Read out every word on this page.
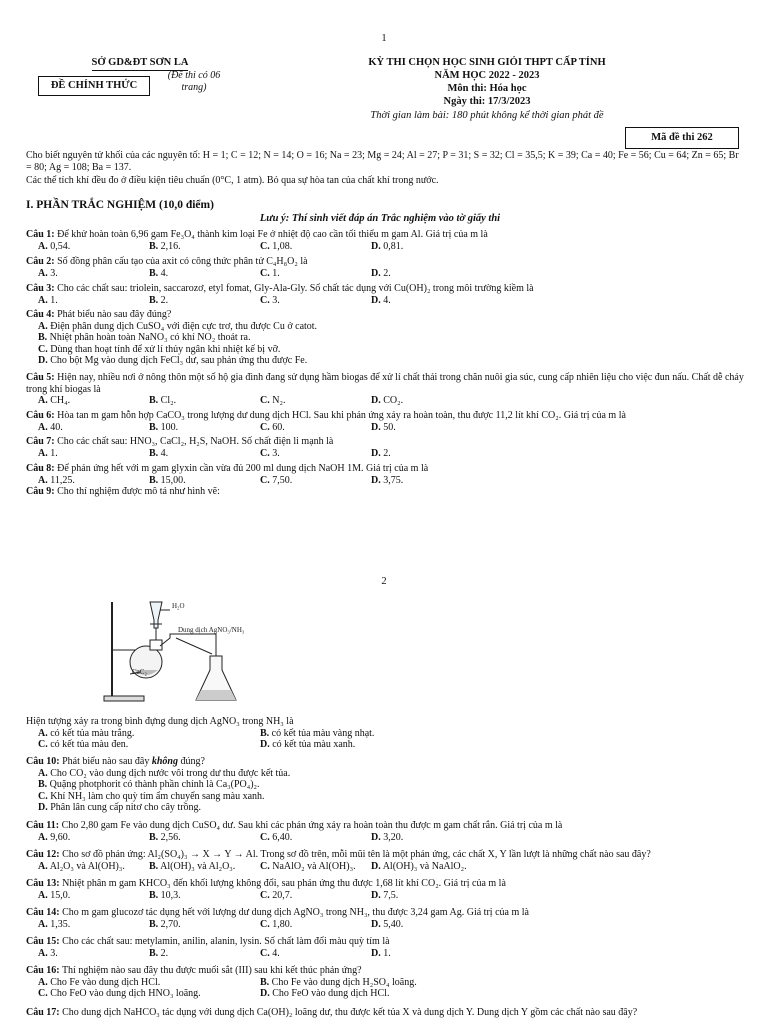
1
SỞ GD&ĐT SƠN LA
ĐỀ CHÍNH THỨC
(Đề thi có 06 trang)
KỲ THI CHỌN HỌC SINH GIỎI THPT CẤP TỈNH
NĂM HỌC 2022 - 2023
Môn thi: Hóa học
Ngày thi: 17/3/2023
Thời gian làm bài: 180 phút không kể thời gian phát đề
Mã đề thi 262
Cho biết nguyên tử khối của các nguyên tố: H = 1; C = 12; N = 14; O = 16; Na = 23; Mg = 24; Al = 27; P = 31; S = 32; Cl = 35,5; K = 39; Ca = 40; Fe = 56; Cu = 64; Zn = 65; Br = 80; Ag = 108; Ba = 137.
Các thể tích khí đều đo ở điều kiện tiêu chuẩn (0°C, 1 atm). Bỏ qua sự hòa tan của chất khí trong nước.
I. PHẦN TRẮC NGHIỆM (10,0 điểm)
Lưu ý: Thí sinh viết đáp án Trắc nghiệm vào tờ giấy thi
Câu 1: Để khử hoàn toàn 6,96 gam Fe₃O₄ thành kim loại Fe ở nhiệt độ cao cần tối thiểu m gam Al. Giá trị của m là
A. 0,54.	B. 2,16.	C. 1,08.	D. 0,81.
Câu 2: Số đồng phân cấu tạo của axit có công thức phân tử C₄H₈O₂ là
A. 3.	B. 4.	C. 1.	D. 2.
Câu 3: Cho các chất sau: triolein, saccarozơ, etyl fomat, Gly-Ala-Gly. Số chất tác dụng với Cu(OH)₂ trong môi trường kiềm là
A. 1.	B. 2.	C. 3.	D. 4.
Câu 4: Phát biểu nào sau đây đúng?
A. Điện phân dung dịch CuSO₄ với điện cực trơ, thu được Cu ở catot.
B. Nhiệt phân hoàn toàn NaNO₃ có khí NO₂ thoát ra.
C. Dùng than hoạt tính để xử lí thủy ngân khi nhiệt kế bị vỡ.
D. Cho bột Mg vào dung dịch FeCl₃ dư, sau phản ứng thu được Fe.
Câu 5: Hiện nay, nhiều nơi ở nông thôn một số hộ gia đình đang sử dụng hầm biogas để xử lí chất thải trong chăn nuôi gia súc, cung cấp nhiên liệu cho việc đun nấu. Chất dễ cháy trong khí biogas là
A. CH₄.	B. Cl₂.	C. N₂.	D. CO₂.
Câu 6: Hòa tan m gam hỗn hợp CaCO₃ trong lượng dư dung dịch HCl. Sau khi phản ứng xảy ra hoàn toàn, thu được 11,2 lít khí CO₂. Giá trị của m là
A. 40.	B. 100.	C. 60.	D. 50.
Câu 7: Cho các chất sau: HNO₃, CaCl₂, H₂S, NaOH. Số chất điện li mạnh là
A. 1.	B. 4.	C. 3.	D. 2.
Câu 8: Để phản ứng hết với m gam glyxin cần vừa đủ 200 ml dung dịch NaOH 1M. Giá trị của m là
A. 11,25.	B. 15,00.	C. 7,50.	D. 3,75.
Câu 9: Cho thí nghiệm được mô tả như hình vẽ:
2
H₂O
Dung dịch AgNO₃/NH₃
CaC₂
Hiện tượng xảy ra trong bình đựng dung dịch AgNO₃ trong NH₃ là
A. có kết tủa màu trắng.	B. có kết tủa màu vàng nhạt.
C. có kết tủa màu đen.	D. có kết tủa màu xanh.
Câu 10: Phát biểu nào sau đây không đúng?
A. Cho CO₂ vào dung dịch nước vôi trong dư thu được kết tủa.
B. Quặng photphorit có thành phần chính là Ca₃(PO₄)₂.
C. Khí NH₃ làm cho quỳ tím ẩm chuyển sang màu xanh.
D. Phân lân cung cấp nitơ cho cây trồng.
Câu 11: Cho 2,80 gam Fe vào dung dịch CuSO₄ dư. Sau khi các phản ứng xảy ra hoàn toàn thu được m gam chất rắn. Giá trị của m là
A. 9,60.	B. 2,56.	C. 6,40.	D. 3,20.
Câu 12: Cho sơ đồ phản ứng: Al₂(SO₄)₃ → X → Y → Al. Trong sơ đồ trên, mỗi mũi tên là một phản ứng, các chất X, Y lần lượt là những chất nào sau đây?
A. Al₂O₃ và Al(OH)₃. B. Al(OH)₃ và Al₂O₃. C. NaAlO₂ và Al(OH)₃. D. Al(OH)₃ và NaAlO₂.
Câu 13: Nhiệt phân m gam KHCO₃ đến khối lượng không đổi, sau phản ứng thu được 1,68 lít khí CO₂. Giá trị của m là
A. 15,0.	B. 10,3.	C. 20,7.	D. 7,5.
Câu 14: Cho m gam glucozơ tác dụng hết với lượng dư dung dịch AgNO₃ trong NH₃, thu được 3,24 gam Ag. Giá trị của m là
A. 1,35.	B. 2,70.	C. 1,80.	D. 5,40.
Câu 15: Cho các chất sau: metylamin, anilin, alanin, lysin. Số chất làm đổi màu quỳ tím là
A. 3.	B. 2.	C. 4.	D. 1.
Câu 16: Thí nghiệm nào sau đây thu được muối sắt (III) sau khi kết thúc phản ứng?
A. Cho Fe vào dung dịch HCl.	B. Cho Fe vào dung dịch H₂SO₄ loãng.
C. Cho FeO vào dung dịch HNO₃ loãng.	D. Cho FeO vào dung dịch HCl.
Câu 17: Cho dung dịch NaHCO₃ tác dụng với dung dịch Ca(OH)₂ loãng dư, thu được kết tủa X và dung dịch Y. Dung dịch Y gồm các chất nào sau đây?
